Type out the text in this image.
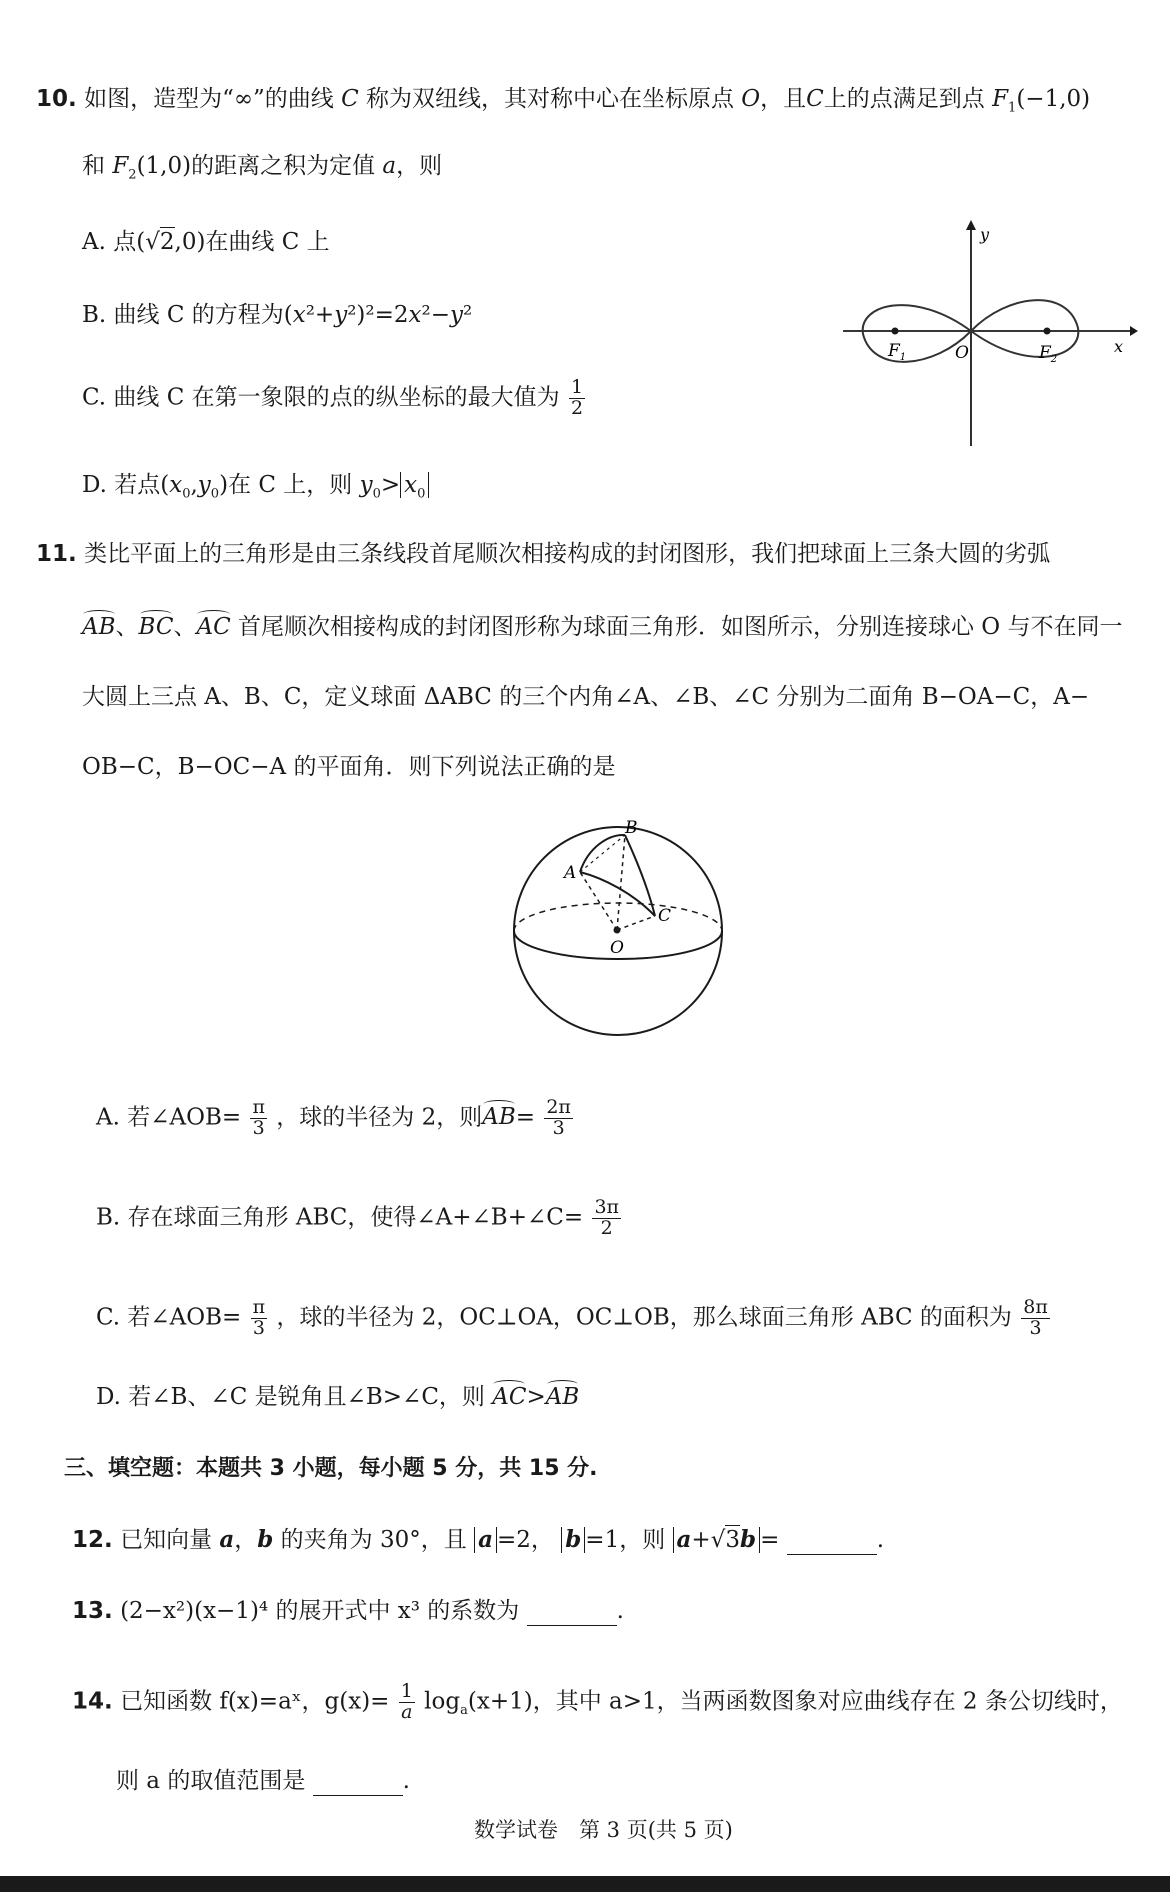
10. 如图，造型为“∞”的曲线 C 称为双纽线，其对称中心在坐标原点 O，且C上的点满足到点 $F_1(-1,0)$
和 $F_2(1,0)$的距离之积为定值 a，则
A. 点(√2,0)在曲线 C 上
B. 曲线 C 的方程为(x²+y²)²=2x²−y²
C. 曲线 C 在第一象限的点的纵坐标的最大值为 $\frac{1}{2}$
D. 若点$(x_0,y_0)$在 C 上，则 $y_0> x_0$
y
x
O
$F_1$	$F_2$
11. 类比平面上的三角形是由三条线段首尾顺次相接构成的封闭图形，我们把球面上三条大圆的劣弧
AB、BC、AC 首尾顺次相接构成的封闭图形称为球面三角形．如图所示，分别连接球心 O 与不在同一
大圆上三点 A、B、C，定义球面 ΔABC 的三个内角∠A、∠B、∠C 分别为二面角 B−OA−C，A−
OB−C，B−OC−A 的平面角．则下列说法正确的是
A
B
C
O
A. 若∠AOB= $\frac{\pi}{3}$ ，球的半径为 2，则$AB= \frac{2\pi}{3}$
B. 存在球面三角形 ABC，使得∠A+∠B+∠C= $\frac{3\pi}{2}$
C. 若∠AOB= $\frac{\pi}{3}$ ，球的半径为 2，OC⊥OA，OC⊥OB，那么球面三角形 ABC 的面积为 $\frac{8\pi}{3}$
D. 若∠B、∠C 是锐角且∠B>∠C，则 AC>AB
三、填空题：本题共 3 小题，每小题 5 分，共 15 分.
12. 已知向量 a，b 的夹角为 30°，且 a =2， b =1，则 a+√3b =	.
13. (2−x²)(x−1)⁴ 的展开式中 x³ 的系数为	.
14. 已知函数 f(x)=aˣ，$g(x)= \frac{1}{a} \log_a(x+1)$，其中 a>1，当两函数图象对应曲线存在 2 条公切线时，
则 a 的取值范围是	.
数学试卷　第 3 页(共 5 页)
